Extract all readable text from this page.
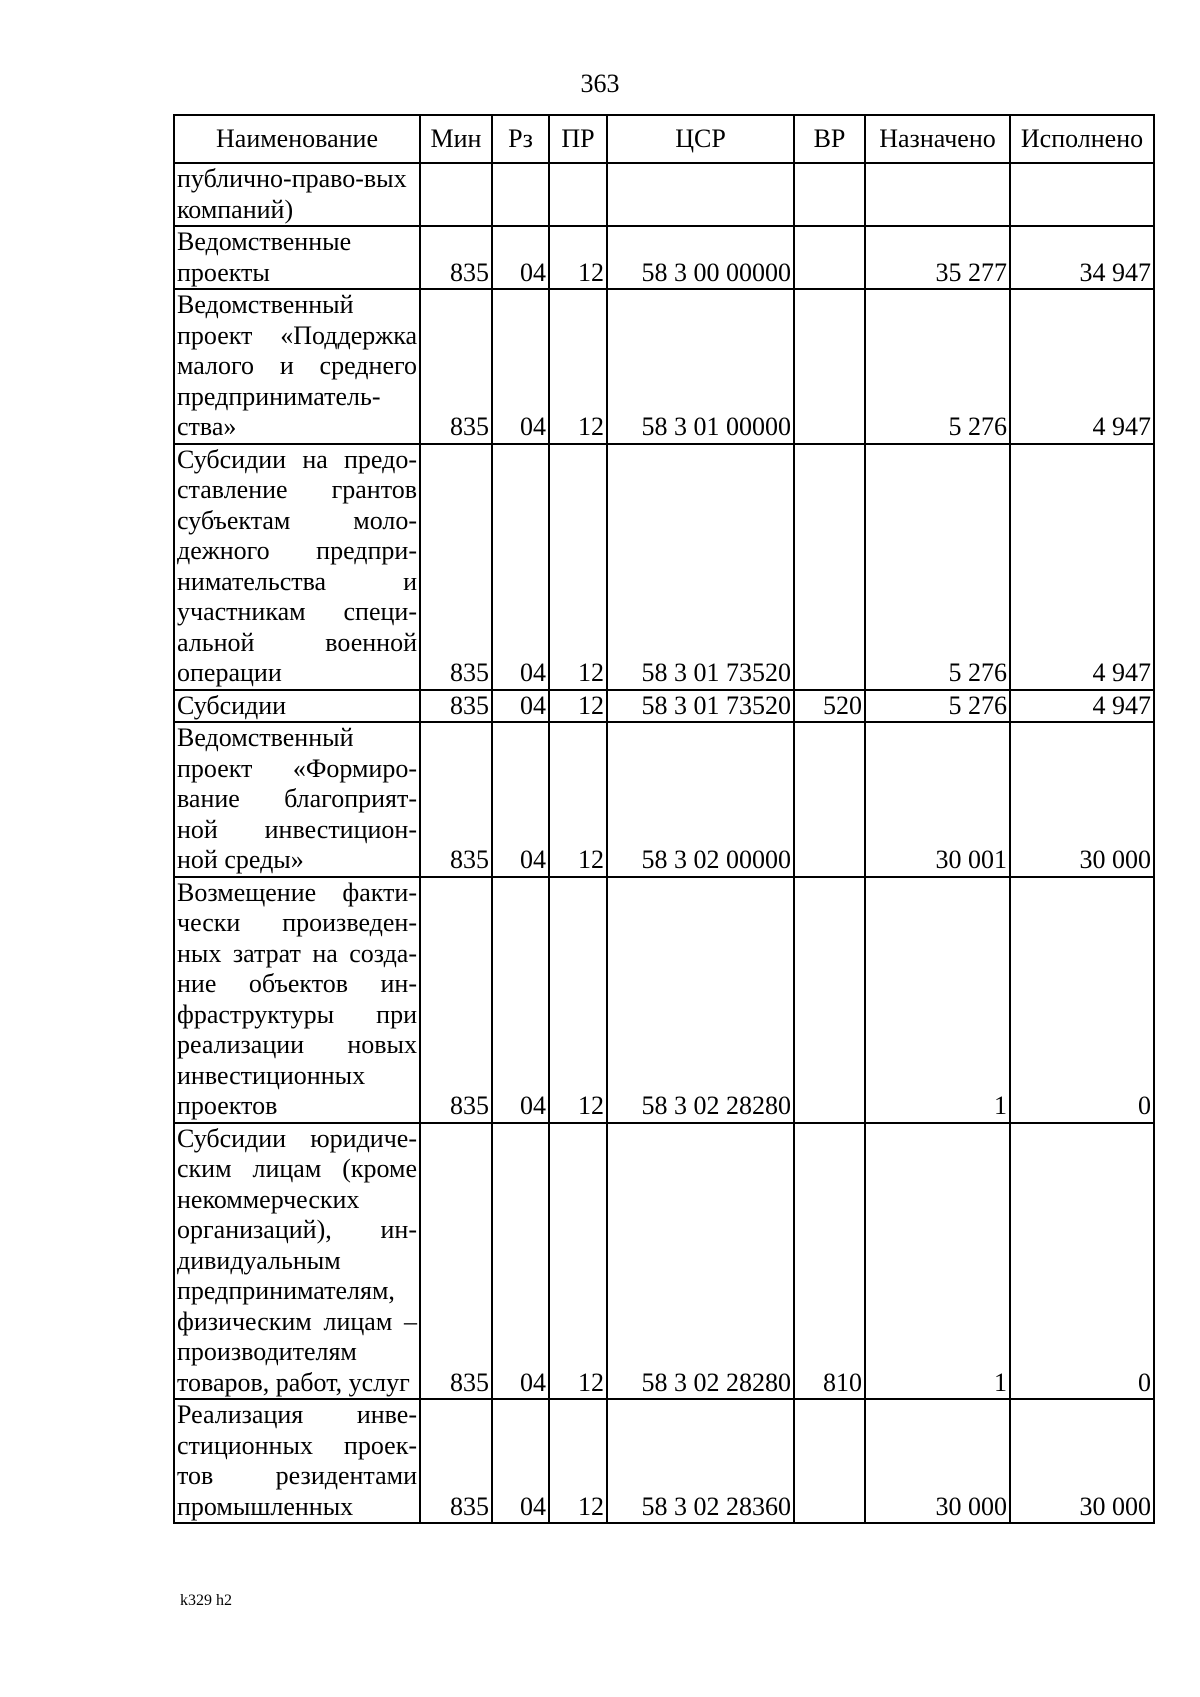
363
Наименование	Мин	Рз	ПР	ЦСР	ВР	Назначено	Исполнено
публично-право-вых компаний)							
Ведомственные проекты	835	04	12	58 3 00 00000		35 277	34 947
Ведомственный проект «Поддержка малого и среднего предприниматель-ства»	835	04	12	58 3 01 00000		5 276	4 947
Субсидии на предо-ставление грантов субъектам моло-дежного предпри-нимательства и участникам специ-альной военной операции	835	04	12	58 3 01 73520		5 276	4 947
Субсидии	835	04	12	58 3 01 73520	520	5 276	4 947
Ведомственный проект «Формиро-вание благоприят-ной инвестицион-ной среды»	835	04	12	58 3 02 00000		30 001	30 000
Возмещение факти-чески произведен-ных затрат на созда-ние объектов ин-фраструктуры при реализации новых инвестиционных проектов	835	04	12	58 3 02 28280		1	0
Субсидии юридиче-ским лицам (кроме некоммерческих организаций), ин-дивидуальным предпринимателям, физическим лицам – производителям товаров, работ, услуг	835	04	12	58 3 02 28280	810	1	0
Реализация инве-стиционных проек-тов резидентами промышленных	835	04	12	58 3 02 28360		30 000	30 000
k329 h2
